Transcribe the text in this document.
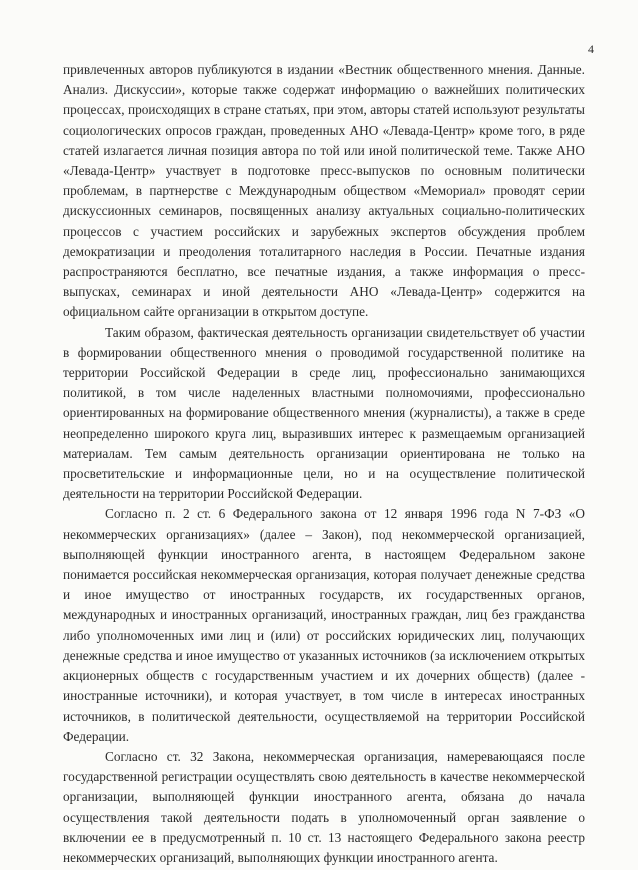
4

привлеченных авторов публикуются в издании «Вестник общественного мнения. Данные. Анализ. Дискуссии», которые также содержат информацию о важнейших политических процессах, происходящих в стране статьях, при этом, авторы статей используют результаты социологических опросов граждан, проведенных АНО «Левада-Центр» кроме того, в ряде статей излагается личная позиция автора по той или иной политической теме. Также АНО «Левада-Центр» участвует в подготовке пресс-выпусков по основным политически проблемам, в партнерстве с Международным обществом «Мемориал» проводят серии дискуссионных семинаров, посвященных анализу актуальных социально-политических процессов с участием российских и зарубежных экспертов обсуждения проблем демократизации и преодоления тоталитарного наследия в России. Печатные издания распространяются бесплатно, все печатные издания, а также информация о пресс-выпусках, семинарах и иной деятельности АНО «Левада-Центр» содержится на официальном сайте организации в открытом доступе.

Таким образом, фактическая деятельность организации свидетельствует об участии в формировании общественного мнения о проводимой государственной политике на территории Российской Федерации в среде лиц, профессионально занимающихся политикой, в том числе наделенных властными полномочиями, профессионально ориентированных на формирование общественного мнения (журналисты), а также в среде неопределенно широкого круга лиц, выразивших интерес к размещаемым организацией материалам. Тем самым деятельность организации ориентирована не только на просветительские и информационные цели, но и на осуществление политической деятельности на территории Российской Федерации.

Согласно п. 2 ст. 6 Федерального закона от 12 января 1996 года N 7-ФЗ «О некоммерческих организациях» (далее – Закон), под некоммерческой организацией, выполняющей функции иностранного агента, в настоящем Федеральном законе понимается российская некоммерческая организация, которая получает денежные средства и иное имущество от иностранных государств, их государственных органов, международных и иностранных организаций, иностранных граждан, лиц без гражданства либо уполномоченных ими лиц и (или) от российских юридических лиц, получающих денежные средства и иное имущество от указанных источников (за исключением открытых акционерных обществ с государственным участием и их дочерних обществ) (далее - иностранные источники), и которая участвует, в том числе в интересах иностранных источников, в политической деятельности, осуществляемой на территории Российской Федерации.

Согласно ст. 32 Закона, некоммерческая организация, намеревающаяся после государственной регистрации осуществлять свою деятельность в качестве некоммерческой организации, выполняющей функции иностранного агента, обязана до начала осуществления такой деятельности подать в уполномоченный орган заявление о включении ее в предусмотренный п. 10 ст. 13 настоящего Федерального закона реестр некоммерческих организаций, выполняющих функции иностранного агента.
